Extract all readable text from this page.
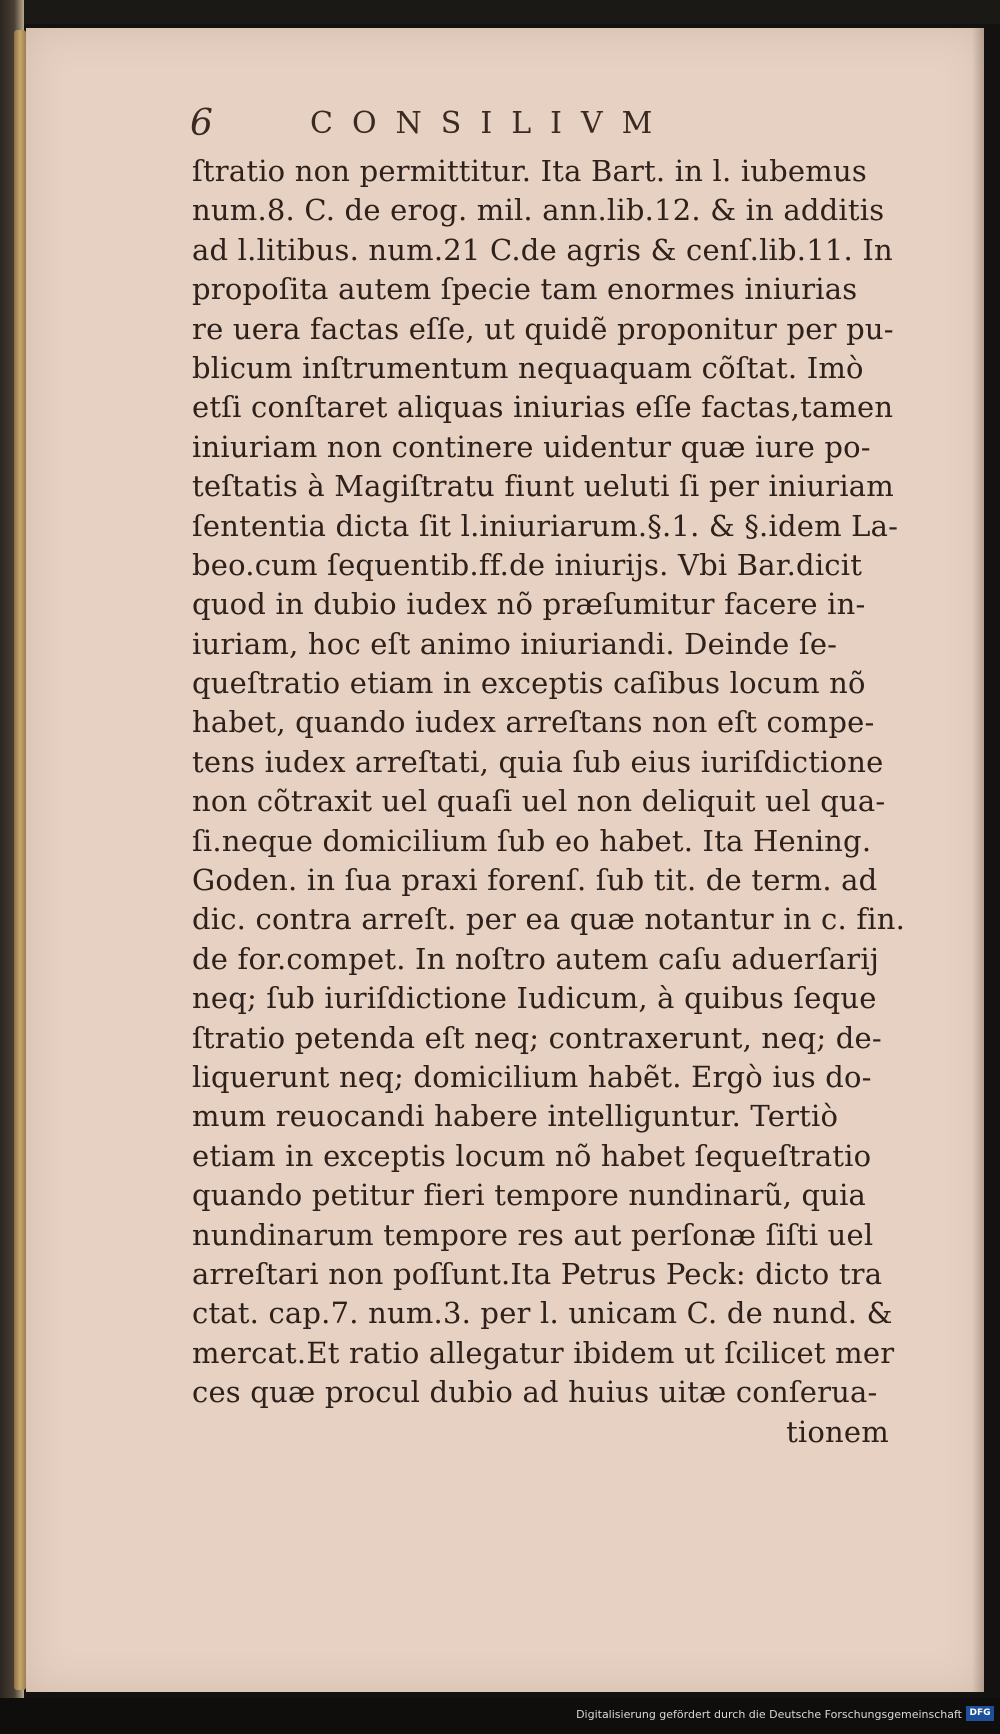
6	CONSILIVM
ſtratio non permittitur. Ita Bart. in l. iubemus
num.8. C. de erog. mil. ann.lib.12. & in additis
ad l.litibus. num.21 C.de agris & cenſ.lib.11. In
propoſita autem ſpecie tam enormes iniurias
re uera factas eſſe, ut quidẽ proponitur per pu-
blicum inſtrumentum nequaquam cõſtat. Imò
etſi conſtaret aliquas iniurias eſſe factas,tamen
iniuriam non continere uidentur quæ iure po-
teſtatis à Magiſtratu fiunt ueluti ſi per iniuriam
ſententia dicta ſit l.iniuriarum.§.1. & §.idem La-
beo.cum ſequentib.ff.de iniurijs. Vbi Bar.dicit
quod in dubio iudex nõ præſumitur facere in-
iuriam, hoc eſt animo iniuriandi. Deinde ſe-
queſtratio etiam in exceptis caſibus locum nõ
habet, quando iudex arreſtans non eſt compe-
tens iudex arreſtati, quia ſub eius iuriſdictione
non cõtraxit uel quaſi uel non deliquit uel qua-
ſi.neque domicilium ſub eo habet. Ita Hening.
Goden. in ſua praxi forenſ. ſub tit. de term. ad
dic. contra arreſt. per ea quæ notantur in c. fin.
de for.compet. In noſtro autem caſu aduerſarij
neq; ſub iuriſdictione Iudicum, à quibus ſeque
ſtratio petenda eſt neq; contraxerunt, neq; de-
liquerunt neq; domicilium habẽt. Ergò ius do-
mum reuocandi habere intelliguntur. Tertiò
etiam in exceptis locum nõ habet ſequeſtratio
quando petitur fieri tempore nundinarũ, quia
nundinarum tempore res aut perſonæ ſiſti uel
arreſtari non poſſunt.Ita Petrus Peck: dicto tra
ctat. cap.7. num.3. per l. unicam C. de nund. &
mercat.Et ratio allegatur ibidem ut ſcilicet mer
ces quæ procul dubio ad huius uitæ conſerua-
tionem
Digitalisierung gefördert durch die Deutsche Forschungsgemeinschaft DFG
